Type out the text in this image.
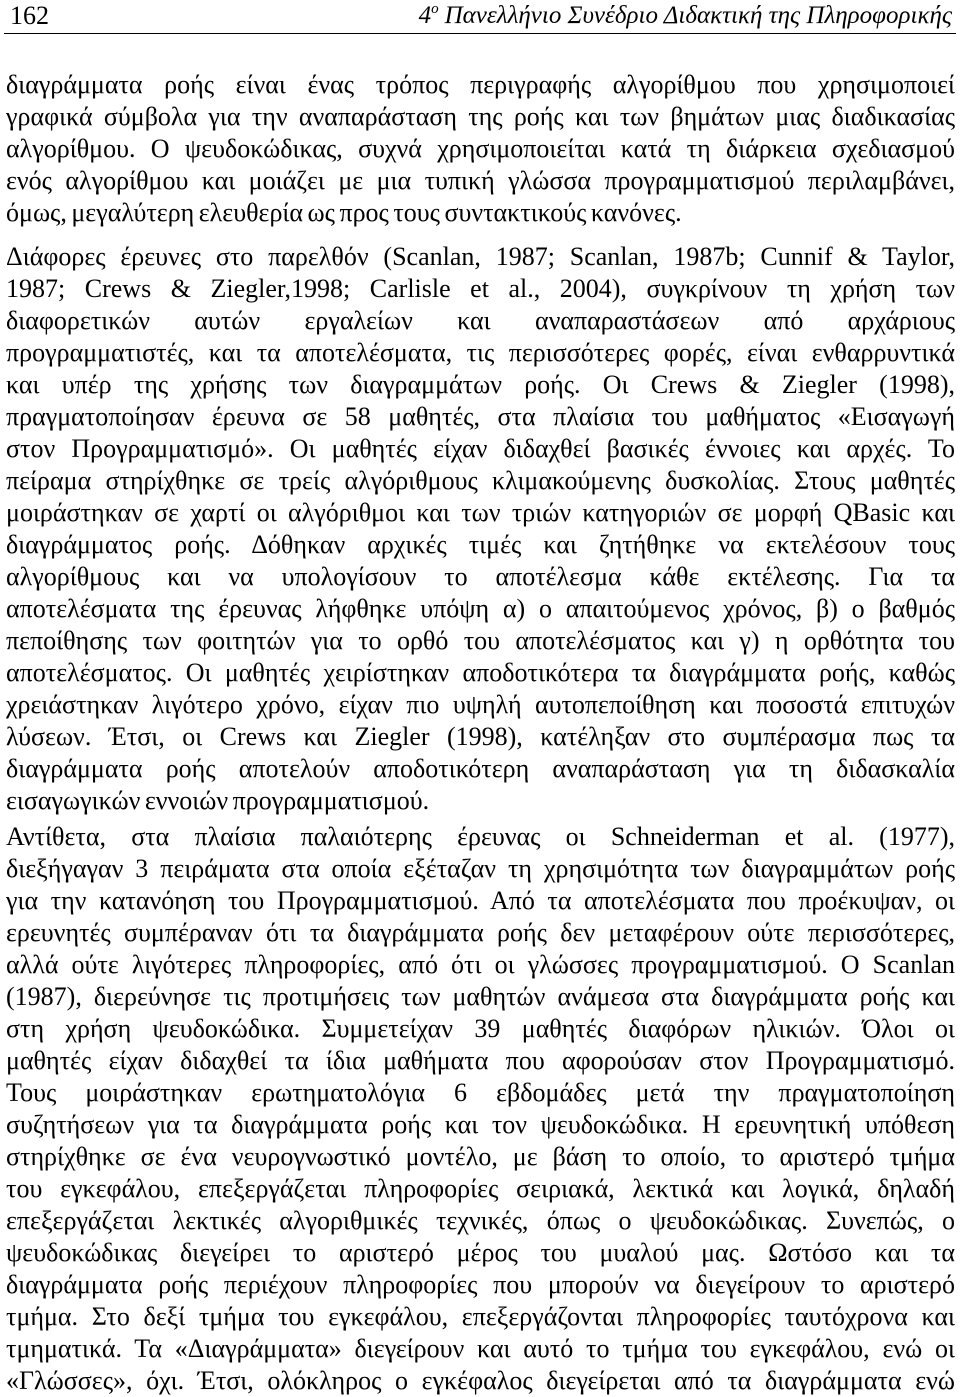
162	$4^o$ Πανελλήνιο Συνέδριο Διδακτική της Πληροφορικής
διαγράμματα ροής είναι ένας τρόπος περιγραφής αλγορίθμου που χρησιμοποιεί
γραφικά σύμβολα για την αναπαράσταση της ροής και των βημάτων μιας διαδικασίας
αλγορίθμου. Ο ψευδοκώδικας, συχνά χρησιμοποιείται κατά τη διάρκεια σχεδιασμού
ενός αλγορίθμου και μοιάζει με μια τυπική γλώσσα προγραμματισμού περιλαμβάνει,
όμως, μεγαλύτερη ελευθερία ως προς τους συντακτικούς κανόνες.
Διάφορες έρευνες στο παρελθόν (Scanlan, 1987; Scanlan, 1987b; Cunnif & Taylor,
1987; Crews & Ziegler,1998; Carlisle et al., 2004), συγκρίνουν τη χρήση των
διαφορετικών αυτών εργαλείων και αναπαραστάσεων από αρχάριους
προγραμματιστές, και τα αποτελέσματα, τις περισσότερες φορές, είναι ενθαρρυντικά
και υπέρ της χρήσης των διαγραμμάτων ροής. Οι Crews & Ziegler (1998),
πραγματοποίησαν έρευνα σε 58 μαθητές, στα πλαίσια του μαθήματος «Εισαγωγή
στον Προγραμματισμό». Οι μαθητές είχαν διδαχθεί βασικές έννοιες και αρχές. Το
πείραμα στηρίχθηκε σε τρείς αλγόριθμους κλιμακούμενης δυσκολίας. Στους μαθητές
μοιράστηκαν σε χαρτί οι αλγόριθμοι και των τριών κατηγοριών σε μορφή QBasic και
διαγράμματος ροής. Δόθηκαν αρχικές τιμές και ζητήθηκε να εκτελέσουν τους
αλγορίθμους και να υπολογίσουν το αποτέλεσμα κάθε εκτέλεσης. Για τα
αποτελέσματα της έρευνας λήφθηκε υπόψη α) ο απαιτούμενος χρόνος, β) ο βαθμός
πεποίθησης των φοιτητών για το ορθό του αποτελέσματος και γ) η ορθότητα του
αποτελέσματος. Οι μαθητές χειρίστηκαν αποδοτικότερα τα διαγράμματα ροής, καθώς
χρειάστηκαν λιγότερο χρόνο, είχαν πιο υψηλή αυτοπεποίθηση και ποσοστά επιτυχών
λύσεων. Έτσι, οι Crews και Ziegler (1998), κατέληξαν στο συμπέρασμα πως τα
διαγράμματα ροής αποτελούν αποδοτικότερη αναπαράσταση για τη διδασκαλία
εισαγωγικών εννοιών προγραμματισμού.
Αντίθετα, στα πλαίσια παλαιότερης έρευνας οι Schneiderman et al. (1977),
διεξήγαγαν 3 πειράματα στα οποία εξέταζαν τη χρησιμότητα των διαγραμμάτων ροής
για την κατανόηση του Προγραμματισμού. Από τα αποτελέσματα που προέκυψαν, οι
ερευνητές συμπέραναν ότι τα διαγράμματα ροής δεν μεταφέρουν ούτε περισσότερες,
αλλά ούτε λιγότερες πληροφορίες, από ότι οι γλώσσες προγραμματισμού. Ο Scanlan
(1987), διερεύνησε τις προτιμήσεις των μαθητών ανάμεσα στα διαγράμματα ροής και
στη χρήση ψευδοκώδικα. Συμμετείχαν 39 μαθητές διαφόρων ηλικιών. Όλοι οι
μαθητές είχαν διδαχθεί τα ίδια μαθήματα που αφορούσαν στον Προγραμματισμό.
Τους μοιράστηκαν ερωτηματολόγια 6 εβδομάδες μετά την πραγματοποίηση
συζητήσεων για τα διαγράμματα ροής και τον ψευδοκώδικα. Η ερευνητική υπόθεση
στηρίχθηκε σε ένα νευρογνωστικό μοντέλο, με βάση το οποίο, το αριστερό τμήμα
του εγκεφάλου, επεξεργάζεται πληροφορίες σειριακά, λεκτικά και λογικά, δηλαδή
επεξεργάζεται λεκτικές αλγοριθμικές τεχνικές, όπως ο ψευδοκώδικας. Συνεπώς, ο
ψευδοκώδικας διεγείρει το αριστερό μέρος του μυαλού μας. Ωστόσο και τα
διαγράμματα ροής περιέχουν πληροφορίες που μπορούν να διεγείρουν το αριστερό
τμήμα. Στο δεξί τμήμα του εγκεφάλου, επεξεργάζονται πληροφορίες ταυτόχρονα και
τμηματικά. Τα «Διαγράμματα» διεγείρουν και αυτό το τμήμα του εγκεφάλου, ενώ οι
«Γλώσσες», όχι. Έτσι, ολόκληρος ο εγκέφαλος διεγείρεται από τα διαγράμματα ενώ
